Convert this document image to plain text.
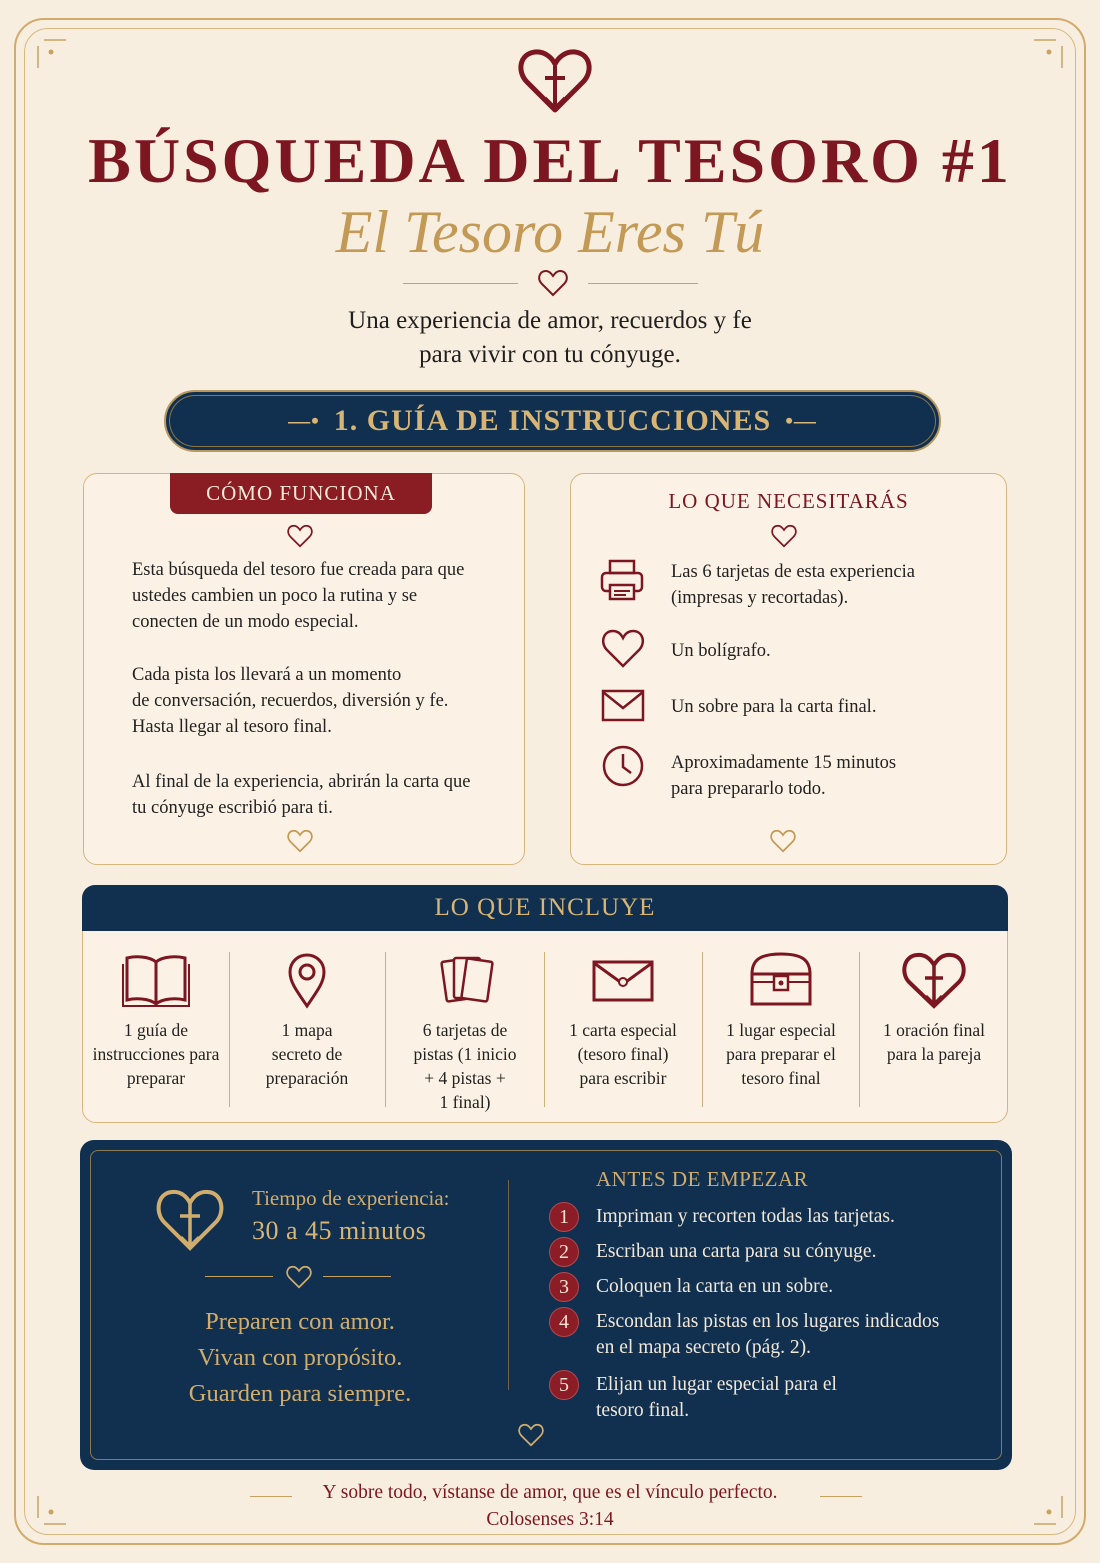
BÚSQUEDA DEL TESORO #1
El Tesoro Eres Tú
Una experiencia de amor, recuerdos y fe
para vivir con tu cónyuge.
—• 1. GUÍA DE INSTRUCCIONES •—
CÓMO FUNCIONA
Esta búsqueda del tesoro fue creada para que
ustedes cambien un poco la rutina y se
conecten de un modo especial.
Cada pista los llevará a un momento
de conversación, recuerdos, diversión y fe.
Hasta llegar al tesoro final.
Al final de la experiencia, abrirán la carta que
tu cónyuge escribió para ti.
LO QUE NECESITARÁS
Las 6 tarjetas de esta experiencia
(impresas y recortadas).
Un bolígrafo.
Un sobre para la carta final.
Aproximadamente 15 minutos
para prepararlo todo.
LO QUE INCLUYE
1 guía de
instrucciones para
preparar
1 mapa
secreto de
preparación
6 tarjetas de
pistas (1 inicio
+ 4 pistas +
1 final)
1 carta especial
(tesoro final)
para escribir
1 lugar especial
para preparar el
tesoro final
1 oración final
para la pareja
Tiempo de experiencia:
30 a 45 minutos
Preparen con amor.
Vivan con propósito.
Guarden para siempre.
ANTES DE EMPEZAR
1	Impriman y recorten todas las tarjetas.
2	Escriban una carta para su cónyuge.
3	Coloquen la carta en un sobre.
4	Escondan las pistas en los lugares indicados
en el mapa secreto (pág. 2).
5	Elijan un lugar especial para el
tesoro final.
Y sobre todo, vístanse de amor, que es el vínculo perfecto.
Colosenses 3:14
